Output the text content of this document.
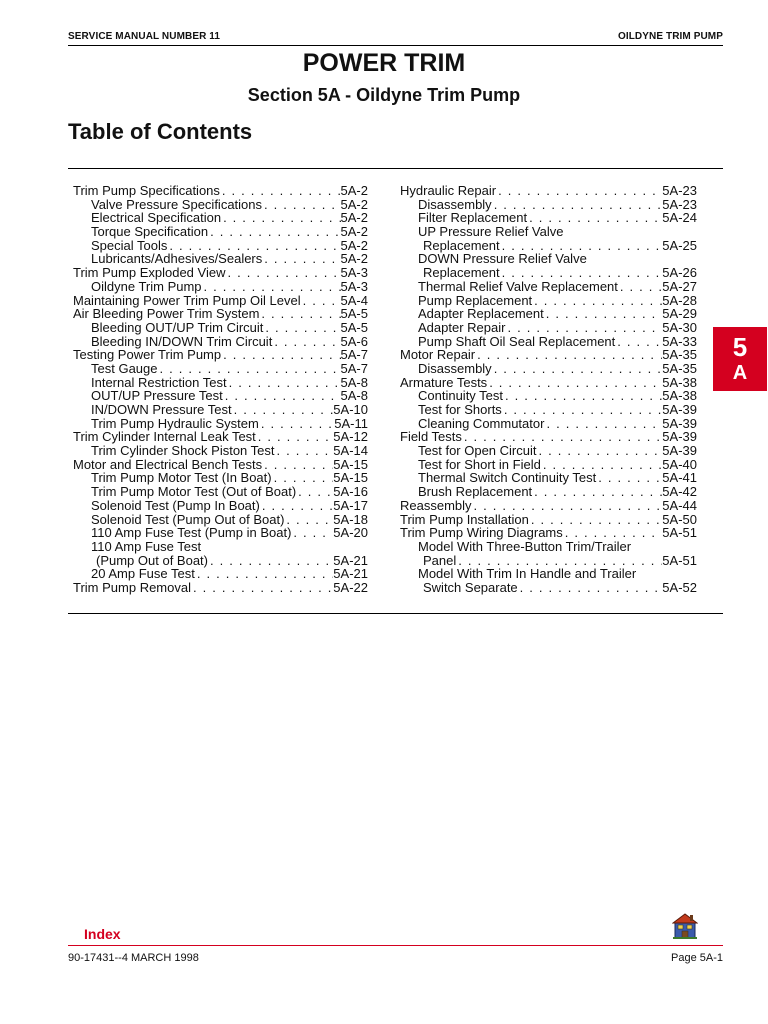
SERVICE MANUAL NUMBER 11	OILDYNE TRIM PUMP
POWER TRIM
Section 5A - Oildyne Trim Pump
Table of Contents
Trim Pump Specifications . . .	5A-2
Valve Pressure Specifications . . .	5A-2
Electrical Specification . . .	5A-2
Torque Specification . . .	5A-2
Special Tools . . .	5A-2
Lubricants/Adhesives/Sealers . . .	5A-2
Trim Pump Exploded View . . .	5A-3
Oildyne Trim Pump . . .	5A-3
Maintaining Power Trim Pump Oil Level . . .	5A-4
Air Bleeding Power Trim System . . .	5A-5
Bleeding OUT/UP Trim Circuit . . .	5A-5
Bleeding IN/DOWN Trim Circuit . . .	5A-6
Testing Power Trim Pump . . .	5A-7
Test Gauge . . .	5A-7
Internal Restriction Test . . .	5A-8
OUT/UP Pressure Test . . .	5A-8
IN/DOWN Pressure Test . . .	5A-10
Trim Pump Hydraulic System . . .	5A-11
Trim Cylinder Internal Leak Test . . .	5A-12
Trim Cylinder Shock Piston Test . . .	5A-14
Motor and Electrical Bench Tests . . .	5A-15
Trim Pump Motor Test (In Boat) . . .	5A-15
Trim Pump Motor Test (Out of Boat) . . .	5A-16
Solenoid Test (Pump In Boat) . . .	5A-17
Solenoid Test (Pump Out of Boat) . . .	5A-18
110 Amp Fuse Test (Pump in Boat) . . .	5A-20
110 Amp Fuse Test
(Pump Out of Boat) . . .	5A-21
20 Amp Fuse Test . . .	5A-21
Trim Pump Removal . . .	5A-22
Hydraulic Repair . . .	5A-23
Disassembly . . .	5A-23
Filter Replacement . . .	5A-24
UP Pressure Relief Valve
Replacement . . .	5A-25
DOWN Pressure Relief Valve
Replacement . . .	5A-26
Thermal Relief Valve Replacement . . .	5A-27
Pump Replacement . . .	5A-28
Adapter Replacement . . .	5A-29
Adapter Repair . . .	5A-30
Pump Shaft Oil Seal Replacement . . .	5A-33
Motor Repair . . .	5A-35
Disassembly . . .	5A-35
Armature Tests . . .	5A-38
Continuity Test . . .	5A-38
Test for Shorts . . .	5A-39
Cleaning Commutator . . .	5A-39
Field Tests . . .	5A-39
Test for Open Circuit . . .	5A-39
Test for Short in Field . . .	5A-40
Thermal Switch Continuity Test . . .	5A-41
Brush Replacement . . .	5A-42
Reassembly . . .	5A-44
Trim Pump Installation . . .	5A-50
Trim Pump Wiring Diagrams . . .	5A-51
Model With Three-Button Trim/Trailer
Panel . . .	5A-51
Model With Trim In Handle and Trailer
Switch Separate . . .	5A-52
5
A
Index
90-17431--4 MARCH 1998	Page 5A-1
